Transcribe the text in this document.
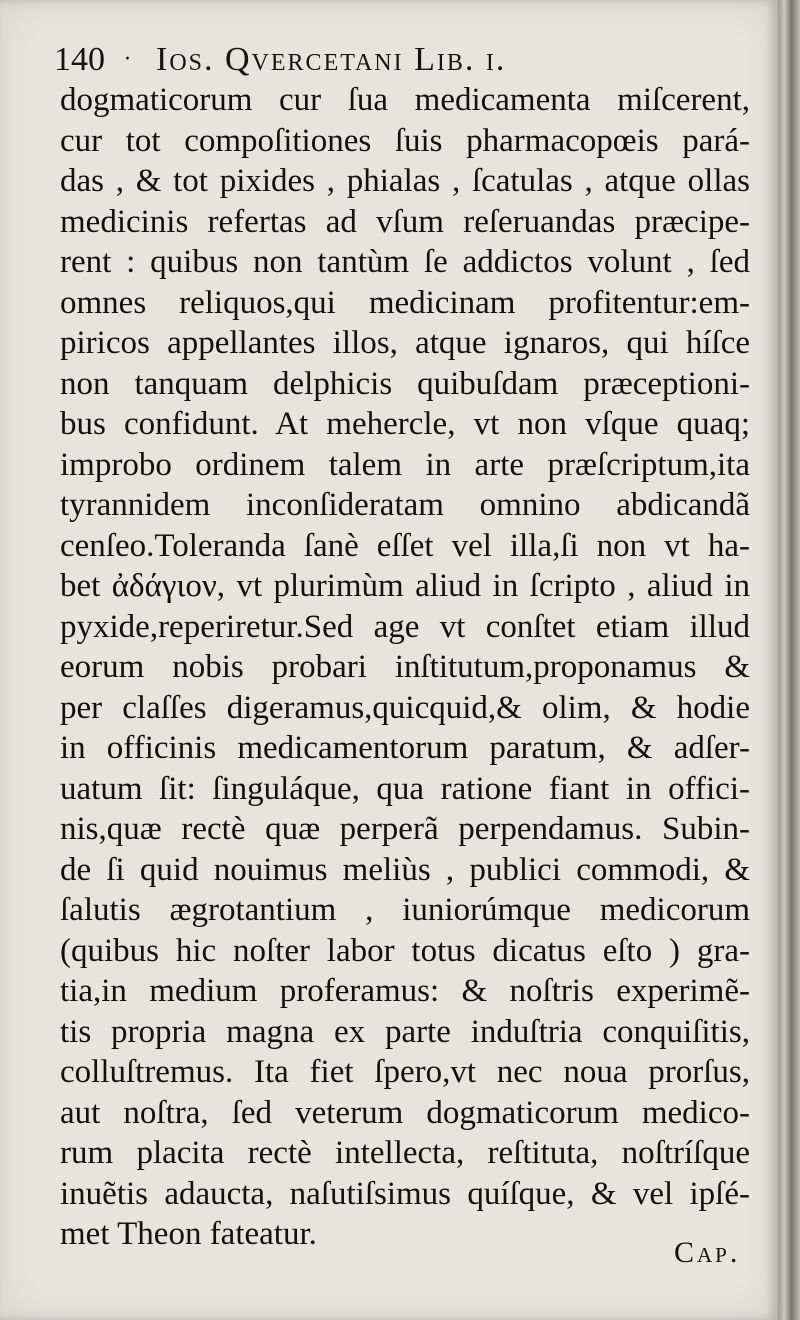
140 · Ios. Qvercetani Lib. i.
dogmaticorum cur ſua medicamenta miſcerent,
cur tot compoſitiones ſuis pharmacopœis pará-
das , & tot pixides , phialas , ſcatulas , atque ollas
medicinis refertas ad vſum reſeruandas præcipe-
rent : quibus non tantùm ſe addictos volunt , ſed
omnes reliquos,qui medicinam profitentur:em-
piricos appellantes illos, atque ignaros, qui híſce
non tanquam delphicis quibuſdam præceptioni-
bus confidunt. At mehercle, vt non vſque quaq;
improbo ordinem talem in arte præſcriptum,ita
tyrannidem inconſideratam omnino abdicandã
cenſeo.Toleranda ſanè eſſet vel illa,ſi non vt ha-
bet ἀδάγιον, vt plurimùm aliud in ſcripto , aliud in
pyxide,reperiretur.Sed age vt conſtet etiam illud
eorum nobis probari inſtitutum,proponamus &
per claſſes digeramus,quicquid,& olim, & hodie
in officinis medicamentorum paratum, & adſer-
uatum ſit: ſinguláque, qua ratione fiant in offici-
nis,quæ rectè quæ perperã perpendamus. Subin-
de ſi quid nouimus meliùs , publici commodi, &
ſalutis ægrotantium , iuniorúmque medicorum
(quibus hic noſter labor totus dicatus eſto ) gra-
tia,in medium proferamus: & noſtris experimẽ-
tis propria magna ex parte induſtria conquiſitis,
colluſtremus. Ita fiet ſpero,vt nec noua prorſus,
aut noſtra, ſed veterum dogmaticorum medico-
rum placita rectè intellecta, reſtituta, noſtríſque
inuẽtis adaucta, naſutiſsimus quíſque, & vel ipſé-
met Theon fateatur.
Cap.
